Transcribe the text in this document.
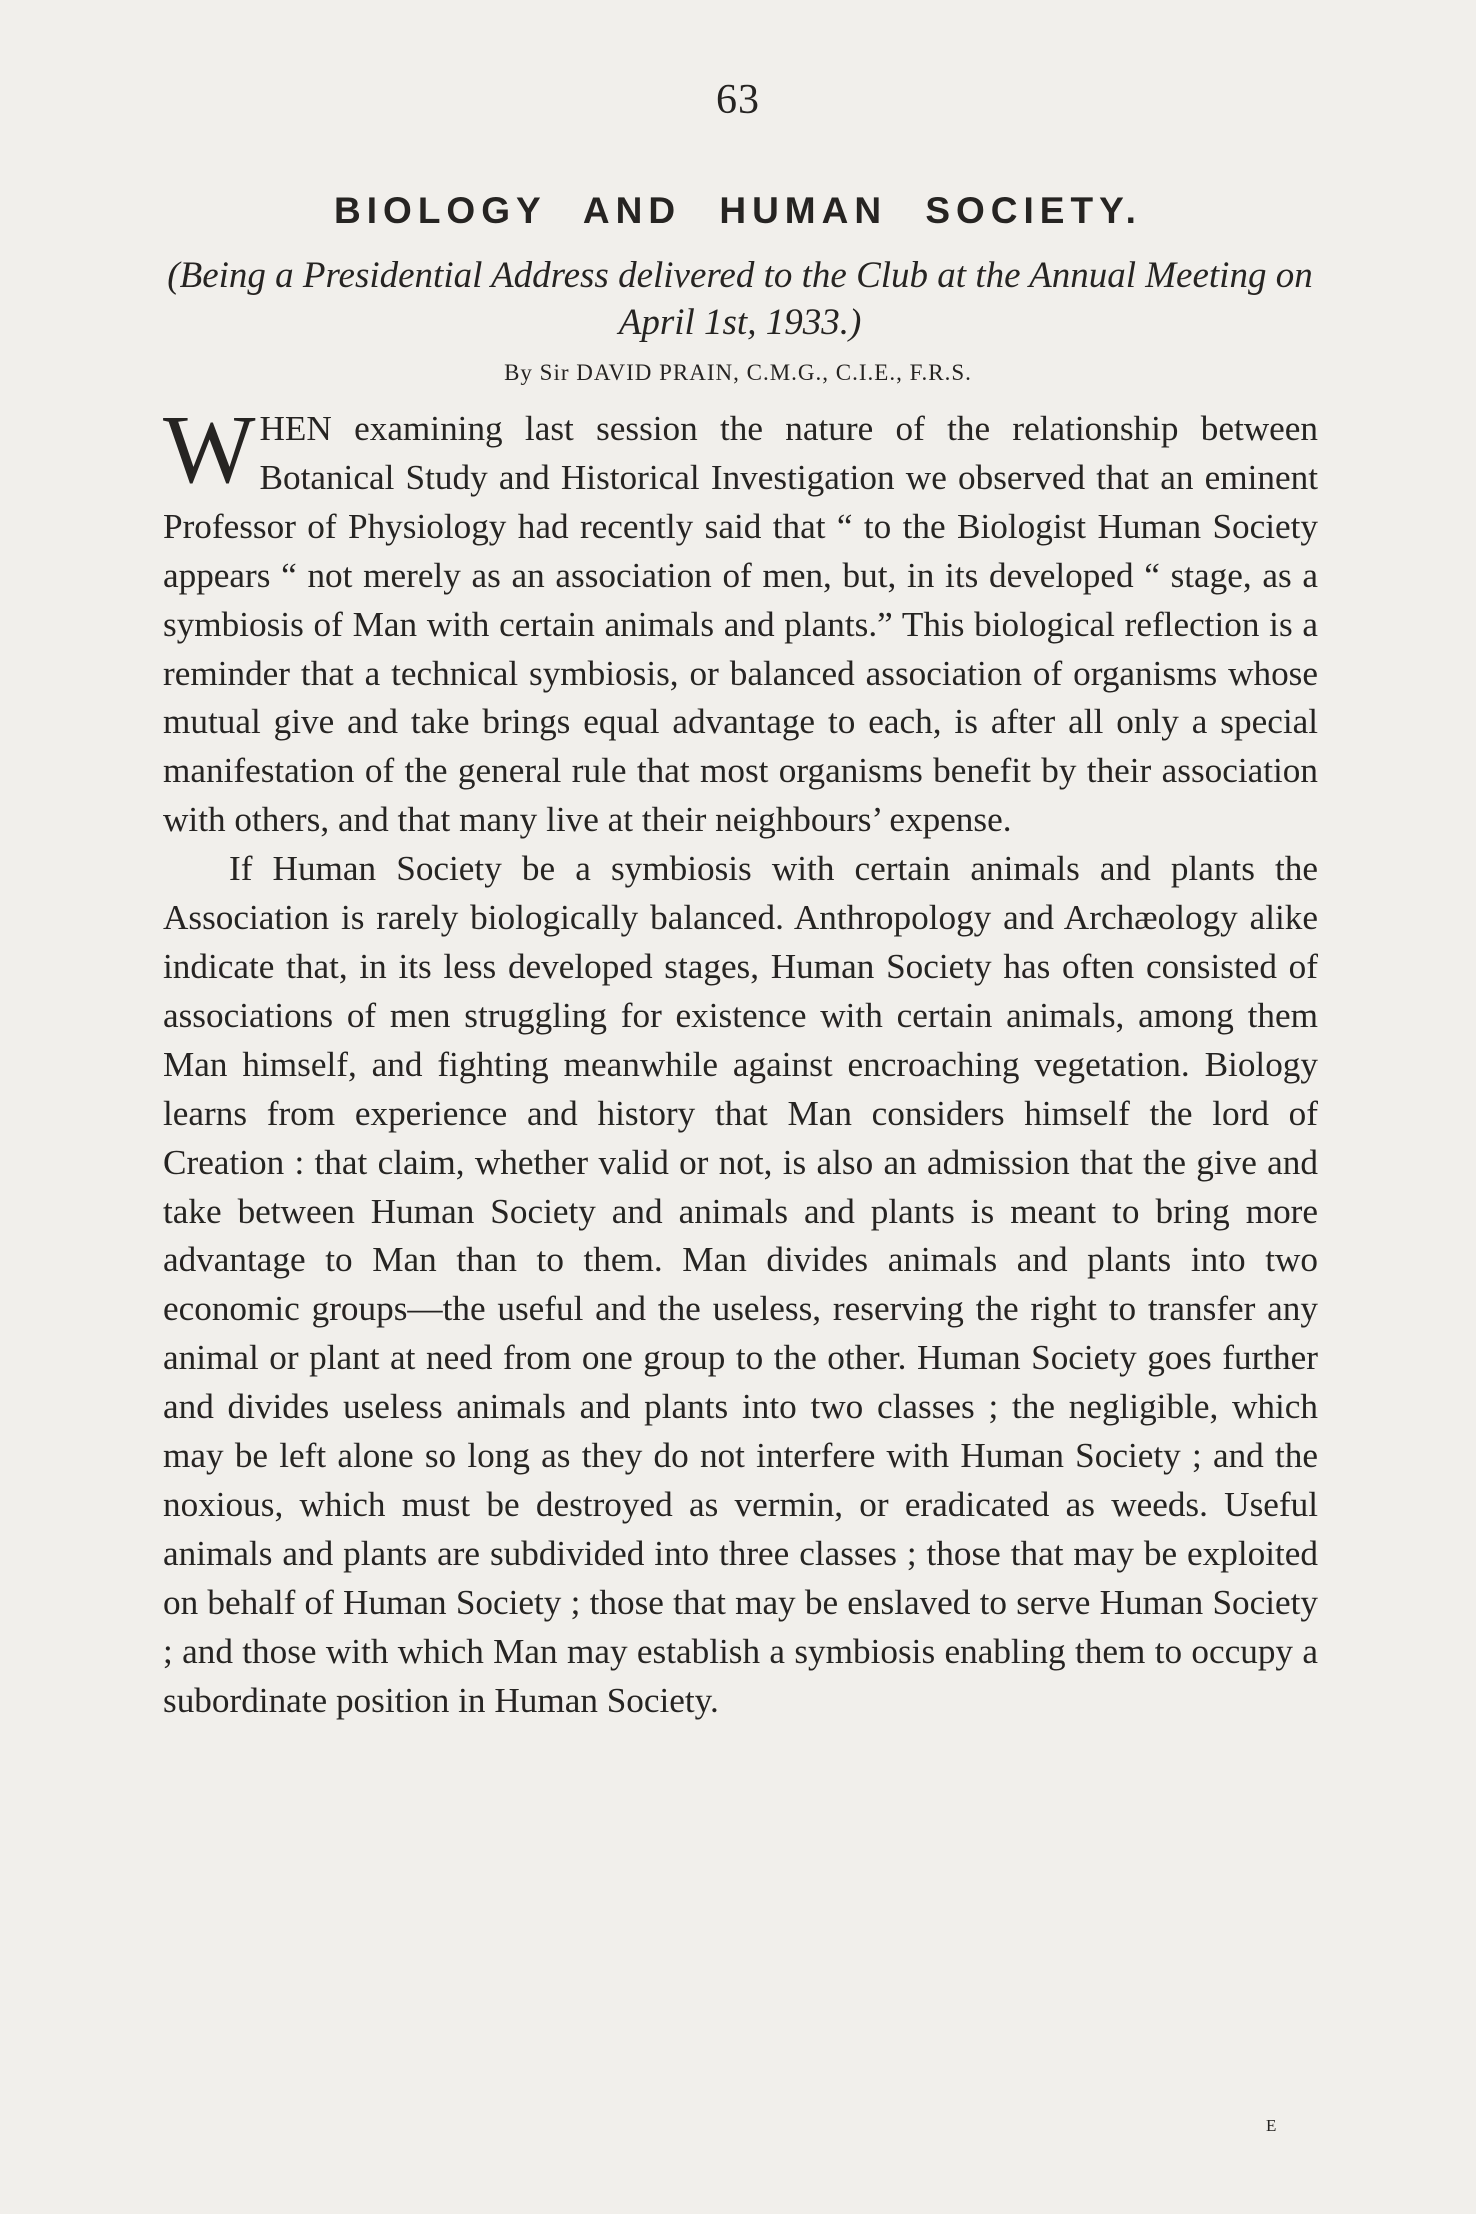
63
BIOLOGY AND HUMAN SOCIETY.
(Being a Presidential Address delivered to the Club at the Annual Meeting on April 1st, 1933.)
By Sir DAVID PRAIN, C.M.G., C.I.E., F.R.S.

W HEN examining last session the nature of the relationship between Botanical Study and Historical Investigation we observed that an eminent Professor of Physiology had recently said that “ to the Biologist Human Society appears “ not merely as an association of men, but, in its developed “ stage, as a symbiosis of Man with certain animals and plants.” This biological reflection is a reminder that a technical symbiosis, or balanced association of organisms whose mutual give and take brings equal advantage to each, is after all only a special manifestation of the general rule that most organisms benefit by their association with others, and that many live at their neighbours’ expense.

If Human Society be a symbiosis with certain animals and plants the Association is rarely biologically balanced. Anthropology and Archæology alike indicate that, in its less developed stages, Human Society has often consisted of associations of men struggling for existence with certain animals, among them Man himself, and fighting meanwhile against encroaching vegetation. Biology learns from experience and history that Man considers himself the lord of Creation : that claim, whether valid or not, is also an admission that the give and take between Human Society and animals and plants is meant to bring more advantage to Man than to them. Man divides animals and plants into two economic groups—the useful and the useless, reserving the right to transfer any animal or plant at need from one group to the other. Human Society goes further and divides useless animals and plants into two classes ; the negligible, which may be left alone so long as they do not interfere with Human Society ; and the noxious, which must be destroyed as vermin, or eradicated as weeds. Useful animals and plants are subdivided into three classes ; those that may be exploited on behalf of Human Society ; those that may be enslaved to serve Human Society ; and those with which Man may establish a symbiosis enabling them to occupy a subordinate position in Human Society.

E
